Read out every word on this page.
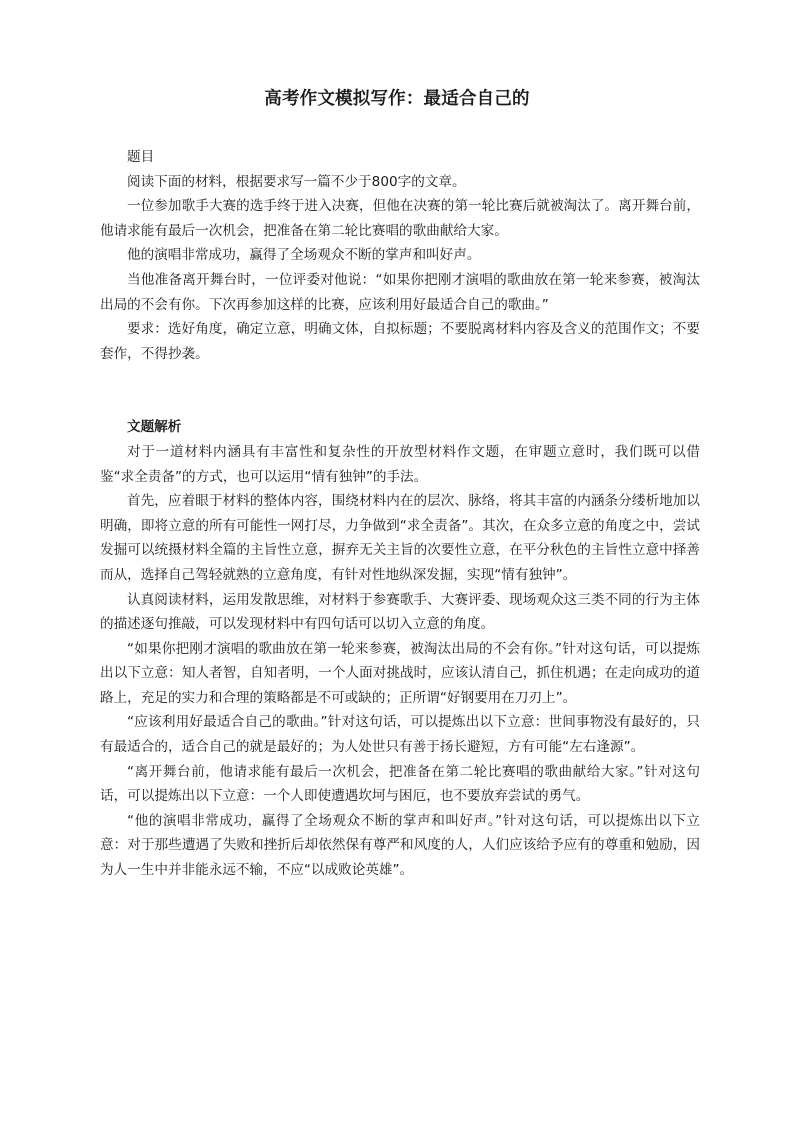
高考作文模拟写作：最适合自己的

题目

阅读下面的材料，根据要求写一篇不少于800字的文章。

一位参加歌手大赛的选手终于进入决赛，但他在决赛的第一轮比赛后就被淘汰了。离开舞台前，他请求能有最后一次机会，把准备在第二轮比赛唱的歌曲献给大家。

他的演唱非常成功，赢得了全场观众不断的掌声和叫好声。

当他准备离开舞台时，一位评委对他说：“如果你把刚才演唱的歌曲放在第一轮来参赛，被淘汰出局的不会有你。下次再参加这样的比赛，应该利用好最适合自己的歌曲。”

要求：选好角度，确定立意，明确文体，自拟标题；不要脱离材料内容及含义的范围作文；不要套作，不得抄袭。

文题解析

对于一道材料内涵具有丰富性和复杂性的开放型材料作文题，在审题立意时，我们既可以借鉴“求全责备”的方式，也可以运用“情有独钟”的手法。

首先，应着眼于材料的整体内容，围绕材料内在的层次、脉络，将其丰富的内涵条分缕析地加以明确，即将立意的所有可能性一网打尽，力争做到“求全责备”。其次，在众多立意的角度之中，尝试发掘可以统摄材料全篇的主旨性立意，摒弃无关主旨的次要性立意，在平分秋色的主旨性立意中择善而从，选择自己驾轻就熟的立意角度，有针对性地纵深发掘，实现“情有独钟”。

认真阅读材料，运用发散思维，对材料于参赛歌手、大赛评委、现场观众这三类不同的行为主体的描述逐句推敲，可以发现材料中有四句话可以切入立意的角度。

“如果你把刚才演唱的歌曲放在第一轮来参赛，被淘汰出局的不会有你。”针对这句话，可以提炼出以下立意：知人者智，自知者明，一个人面对挑战时，应该认清自己，抓住机遇；在走向成功的道路上，充足的实力和合理的策略都是不可或缺的；正所谓“好钢要用在刀刃上”。

“应该利用好最适合自己的歌曲。”针对这句话，可以提炼出以下立意：世间事物没有最好的，只有最适合的，适合自己的就是最好的；为人处世只有善于扬长避短，方有可能“左右逢源”。

“离开舞台前，他请求能有最后一次机会，把准备在第二轮比赛唱的歌曲献给大家。”针对这句话，可以提炼出以下立意：一个人即使遭遇坎坷与困厄，也不要放弃尝试的勇气。

“他的演唱非常成功，赢得了全场观众不断的掌声和叫好声。”针对这句话，可以提炼出以下立意：对于那些遭遇了失败和挫折后却依然保有尊严和风度的人，人们应该给予应有的尊重和勉励，因为人一生中并非能永远不输，不应“以成败论英雄”。
